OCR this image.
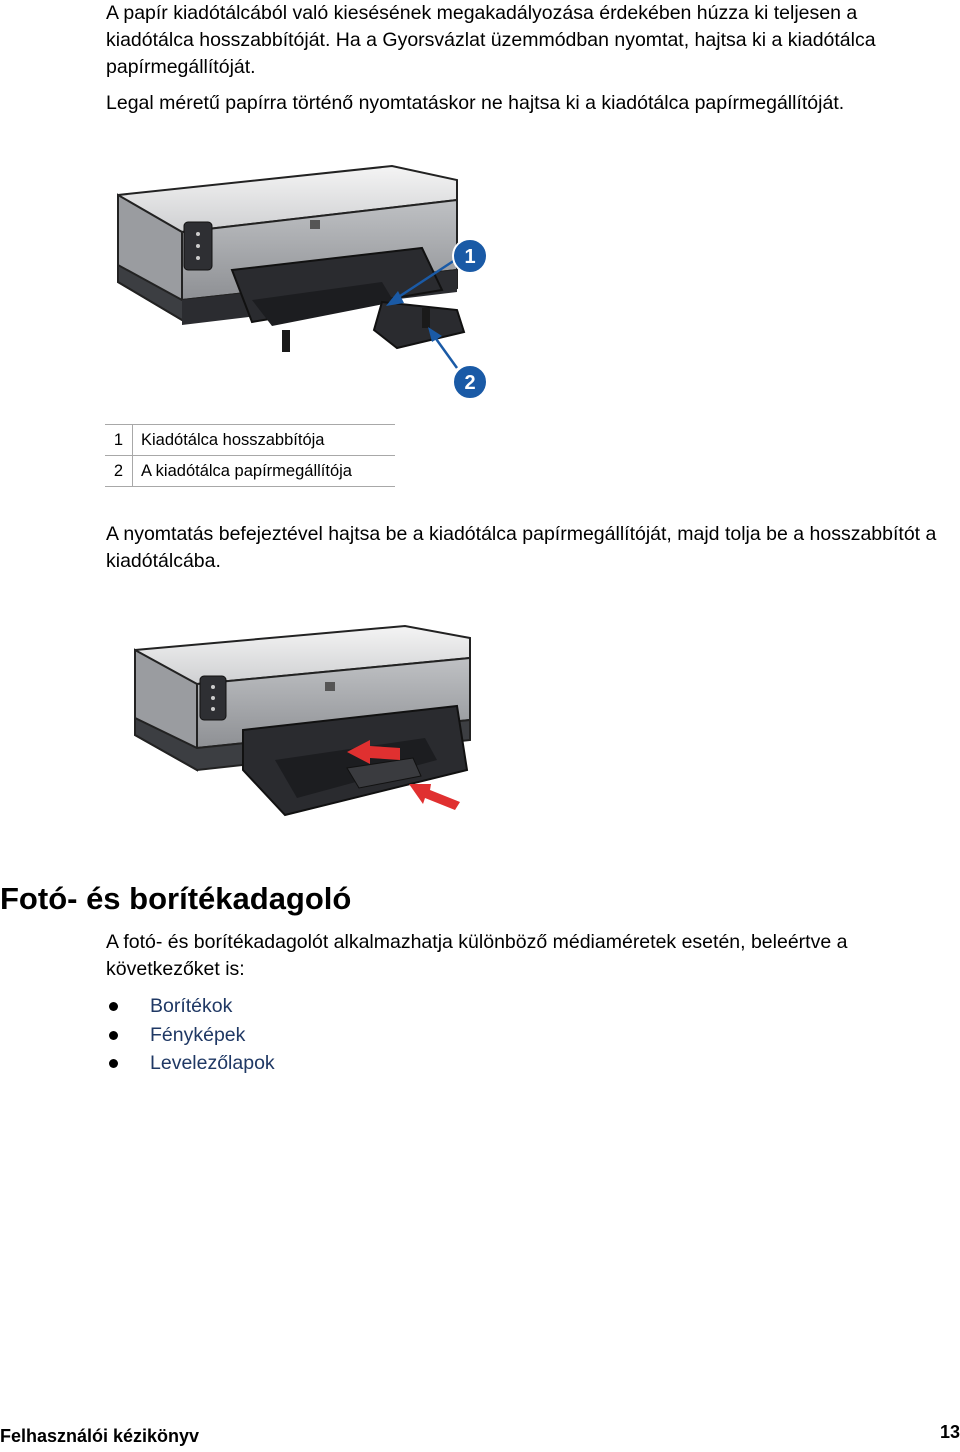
A papír kiadótálcából való kiesésének megakadályozása érdekében húzza ki teljesen a kiadótálca hosszabbítóját. Ha a Gyorsvázlat üzemmódban nyomtat, hajtsa ki a kiadótálca papírmegállítóját.

Legal méretű papírra történő nyomtatáskor ne hajtsa ki a kiadótálca papírmegállítóját.

1
2
1	Kiadótálca hosszabbítója
2	A kiadótálca papírmegállítója

A nyomtatás befejeztével hajtsa be a kiadótálca papírmegállítóját, majd tolja be a hosszabbítót a kiadótálcába.

Fotó- és borítékadagoló

A fotó- és borítékadagolót alkalmazhatja különböző médiaméretek esetén, beleértve a következőket is:

Borítékok
Fényképek
Levelezőlapok
Felhasználói kézikönyv	13
